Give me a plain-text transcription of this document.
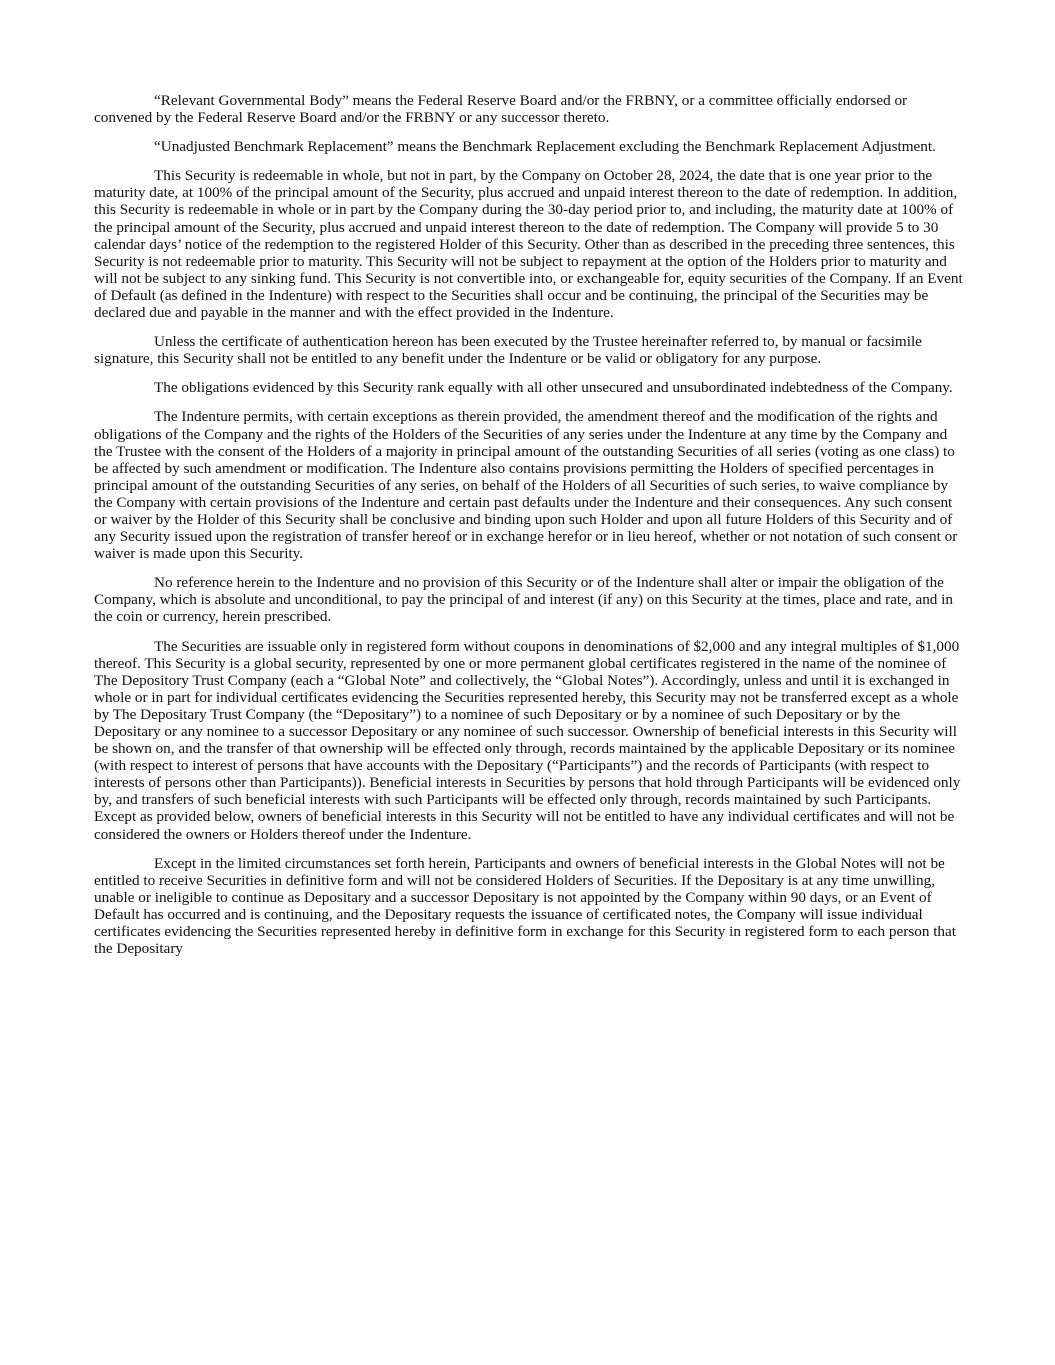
“Relevant Governmental Body” means the Federal Reserve Board and/or the FRBNY, or a committee officially endorsed or convened by the Federal Reserve Board and/or the FRBNY or any successor thereto.

“Unadjusted Benchmark Replacement” means the Benchmark Replacement excluding the Benchmark Replacement Adjustment.

This Security is redeemable in whole, but not in part, by the Company on October 28, 2024, the date that is one year prior to the maturity date, at 100% of the principal amount of the Security, plus accrued and unpaid interest thereon to the date of redemption. In addition, this Security is redeemable in whole or in part by the Company during the 30-day period prior to, and including, the maturity date at 100% of the principal amount of the Security, plus accrued and unpaid interest thereon to the date of redemption. The Company will provide 5 to 30 calendar days’ notice of the redemption to the registered Holder of this Security. Other than as described in the preceding three sentences, this Security is not redeemable prior to maturity. This Security will not be subject to repayment at the option of the Holders prior to maturity and will not be subject to any sinking fund. This Security is not convertible into, or exchangeable for, equity securities of the Company. If an Event of Default (as defined in the Indenture) with respect to the Securities shall occur and be continuing, the principal of the Securities may be declared due and payable in the manner and with the effect provided in the Indenture.

Unless the certificate of authentication hereon has been executed by the Trustee hereinafter referred to, by manual or facsimile signature, this Security shall not be entitled to any benefit under the Indenture or be valid or obligatory for any purpose.

The obligations evidenced by this Security rank equally with all other unsecured and unsubordinated indebtedness of the Company.

The Indenture permits, with certain exceptions as therein provided, the amendment thereof and the modification of the rights and obligations of the Company and the rights of the Holders of the Securities of any series under the Indenture at any time by the Company and the Trustee with the consent of the Holders of a majority in principal amount of the outstanding Securities of all series (voting as one class) to be affected by such amendment or modification. The Indenture also contains provisions permitting the Holders of specified percentages in principal amount of the outstanding Securities of any series, on behalf of the Holders of all Securities of such series, to waive compliance by the Company with certain provisions of the Indenture and certain past defaults under the Indenture and their consequences. Any such consent or waiver by the Holder of this Security shall be conclusive and binding upon such Holder and upon all future Holders of this Security and of any Security issued upon the registration of transfer hereof or in exchange herefor or in lieu hereof, whether or not notation of such consent or waiver is made upon this Security.

No reference herein to the Indenture and no provision of this Security or of the Indenture shall alter or impair the obligation of the Company, which is absolute and unconditional, to pay the principal of and interest (if any) on this Security at the times, place and rate, and in the coin or currency, herein prescribed.

The Securities are issuable only in registered form without coupons in denominations of $2,000 and any integral multiples of $1,000 thereof. This Security is a global security, represented by one or more permanent global certificates registered in the name of the nominee of The Depository Trust Company (each a “Global Note” and collectively, the “Global Notes”). Accordingly, unless and until it is exchanged in whole or in part for individual certificates evidencing the Securities represented hereby, this Security may not be transferred except as a whole by The Depositary Trust Company (the “Depositary”) to a nominee of such Depositary or by a nominee of such Depositary or by the Depositary or any nominee to a successor Depositary or any nominee of such successor. Ownership of beneficial interests in this Security will be shown on, and the transfer of that ownership will be effected only through, records maintained by the applicable Depositary or its nominee (with respect to interest of persons that have accounts with the Depositary (“Participants”) and the records of Participants (with respect to interests of persons other than Participants)). Beneficial interests in Securities by persons that hold through Participants will be evidenced only by, and transfers of such beneficial interests with such Participants will be effected only through, records maintained by such Participants. Except as provided below, owners of beneficial interests in this Security will not be entitled to have any individual certificates and will not be considered the owners or Holders thereof under the Indenture.

Except in the limited circumstances set forth herein, Participants and owners of beneficial interests in the Global Notes will not be entitled to receive Securities in definitive form and will not be considered Holders of Securities. If the Depositary is at any time unwilling, unable or ineligible to continue as Depositary and a successor Depositary is not appointed by the Company within 90 days, or an Event of Default has occurred and is continuing, and the Depositary requests the issuance of certificated notes, the Company will issue individual certificates evidencing the Securities represented hereby in definitive form in exchange for this Security in registered form to each person that the Depositary
